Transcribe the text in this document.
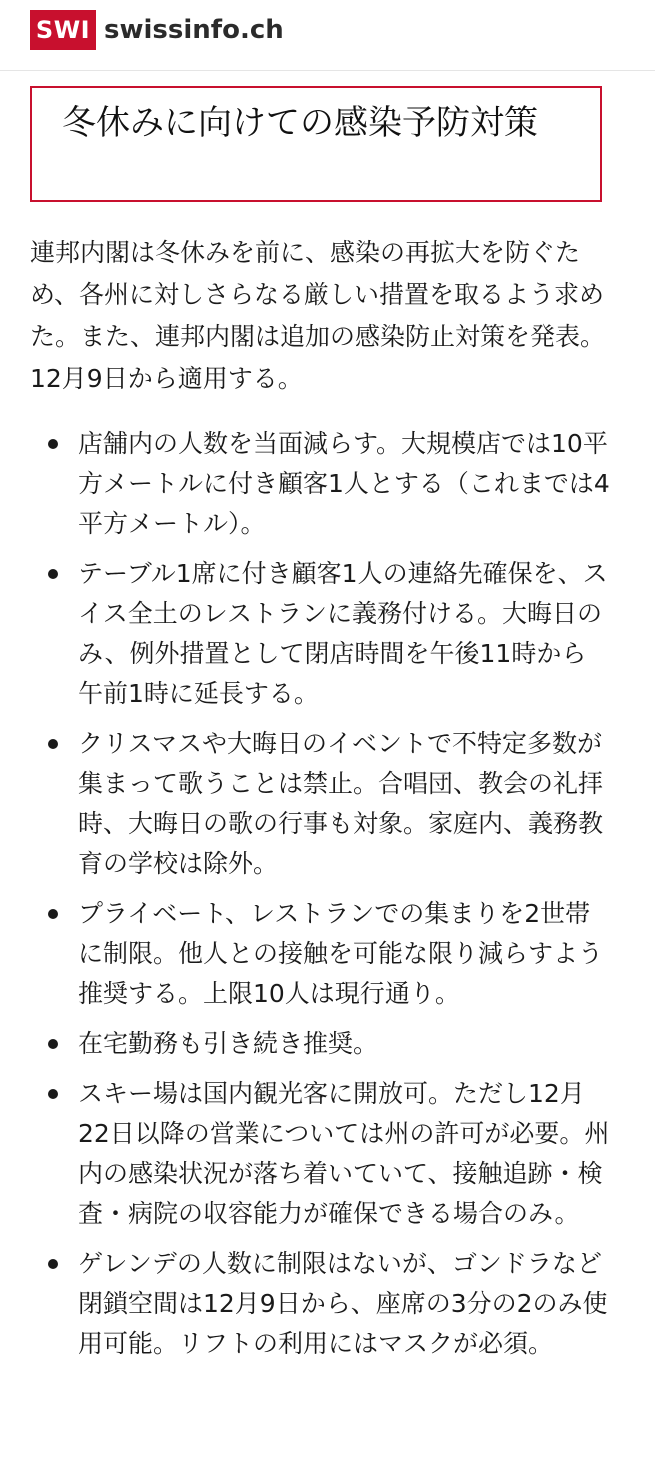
SWI swissinfo.ch
冬休みに向けての感染予防対策

連邦内閣は冬休みを前に、感染の再拡大を防ぐため、各州に対しさらなる厳しい措置を取るよう求めた。また、連邦内閣は追加の感染防止対策を発表。12月9日から適用する。

店舗内の人数を当面減らす。大規模店では10平方メートルに付き顧客1人とする（これまでは4平方メートル）。
テーブル1席に付き顧客1人の連絡先確保を、スイス全土のレストランに義務付ける。大晦日のみ、例外措置として閉店時間を午後11時から午前1時に延長する。
クリスマスや大晦日のイベントで不特定多数が集まって歌うことは禁止。合唱団、教会の礼拝時、大晦日の歌の行事も対象。家庭内、義務教育の学校は除外。
プライベート、レストランでの集まりを2世帯に制限。他人との接触を可能な限り減らすよう推奨する。上限10人は現行通り。
在宅勤務も引き続き推奨。
スキー場は国内観光客に開放可。ただし12月22日以降の営業については州の許可が必要。州内の感染状況が落ち着いていて、接触追跡・検査・病院の収容能力が確保できる場合のみ。
ゲレンデの人数に制限はないが、ゴンドラなど閉鎖空間は12月9日から、座席の3分の2のみ使用可能。リフトの利用にはマスクが必須。
